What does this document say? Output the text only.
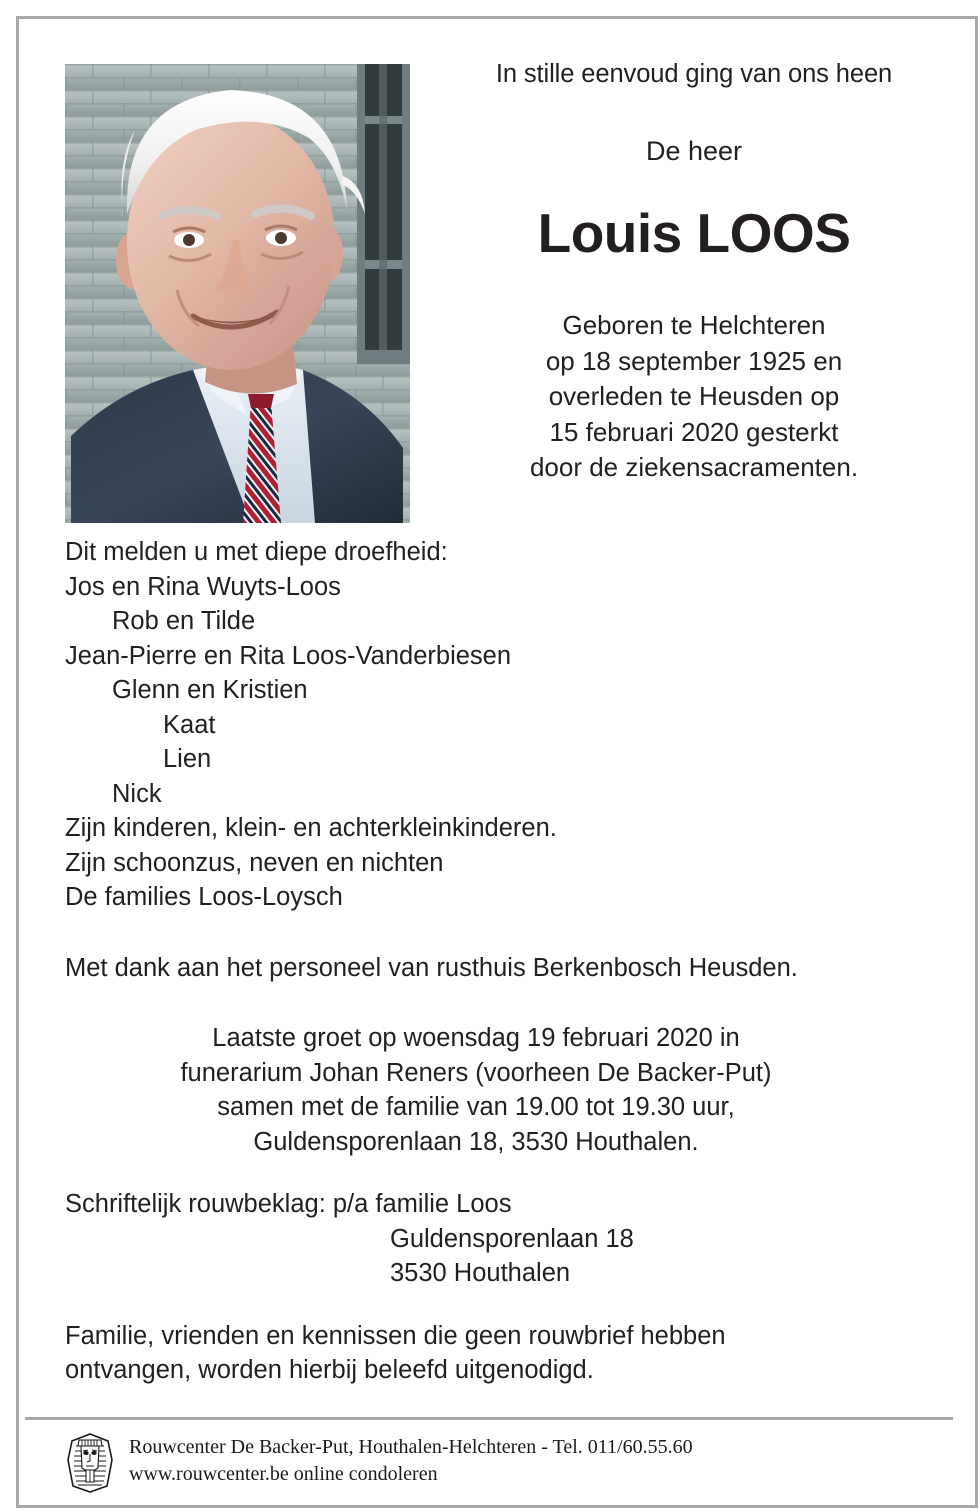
In stille eenvoud ging van ons heen
De heer
Louis LOOS
Geboren te Helchteren
op 18 september 1925 en
overleden te Heusden op
15 februari 2020 gesterkt
door de ziekensacramenten.
Dit melden u met diepe droefheid:
Jos en Rina Wuyts-Loos
Rob en Tilde
Jean-Pierre en Rita Loos-Vanderbiesen
Glenn en Kristien
Kaat
Lien
Nick
Zijn kinderen, klein- en achterkleinkinderen.
Zijn schoonzus, neven en nichten
De families Loos-Loysch
Met dank aan het personeel van rusthuis Berkenbosch Heusden.
Laatste groet op woensdag 19 februari 2020 in
funerarium Johan Reners (voorheen De Backer-Put)
samen met de familie van 19.00 tot 19.30 uur,
Guldensporenlaan 18, 3530 Houthalen.
Schriftelijk rouwbeklag: p/a familie Loos
Guldensporenlaan 18
3530 Houthalen
Familie, vrienden en kennissen die geen rouwbrief hebben
ontvangen, worden hierbij beleefd uitgenodigd.
Rouwcenter De Backer-Put, Houthalen-Helchteren - Tel. 011/60.55.60
www.rouwcenter.be online condoleren
